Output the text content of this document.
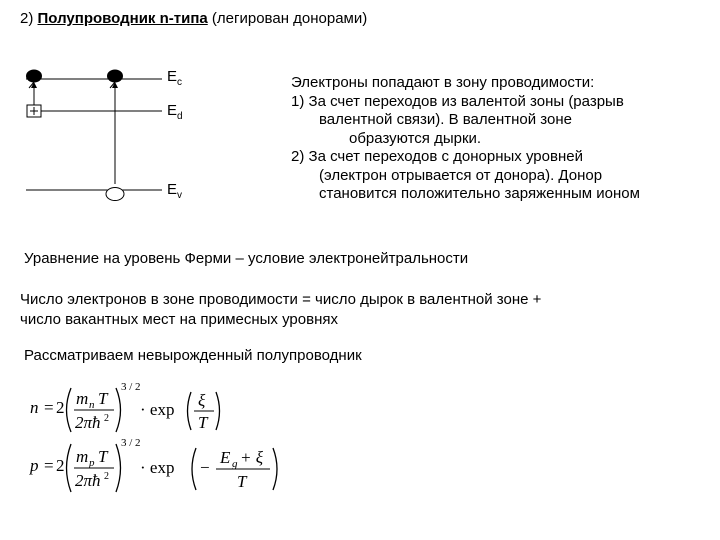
2) Полупроводник n-типа (легирован донорами)
$E_c$
$E_d$
$E_v$

Электроны попадают в зону проводимости:

1) За счет переходов из валентой зоны (разрыв

валентной связи). В валентной зоне

образуются дырки.

2) За счет переходов с донорных уровней

(электрон отрывается от донора). Донор

становится положительно заряженным ионом

Уравнение на уровень Ферми – условие электронейтральности
Число электронов в зоне проводимости = число дырок в валентной зоне +
число вакантных мест на примесных уровнях
Рассматриваем невырожденный полупроводник
n = 2 m n T
2πħ 2
3 / 2
· exp ξ
T
p = 2 m p T
2πħ 2
3 / 2
· exp −
E g + ξ
T
